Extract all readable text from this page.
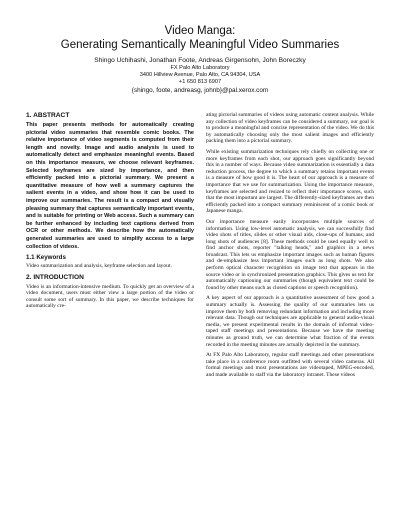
Video Manga:
Generating Semantically Meaningful Video Summaries
Shingo Uchihashi, Jonathan Foote, Andreas Girgensohn, John Boreczky
FX Palo Alto Laboratory
3400 Hillview Avenue, Palo Alto, CA 94304, USA
+1 650 813 6907
{shingo, foote, andreasg, johnb}@pal.xerox.com
1. ABSTRACT

This paper presents methods for automatically creating pictorial video summaries that resemble comic books. The relative importance of video segments is computed from their length and novelty. Image and audio analysis is used to automatically detect and emphasize meaningful events. Based on this importance measure, we choose relevant keyframes. Selected keyframes are sized by importance, and then efficiently packed into a pictorial summary. We present a quantitative measure of how well a summary captures the salient events in a video, and show how it can be used to improve our summaries. The result is a compact and visually pleasing summary that captures semantically important events, and is suitable for printing or Web access. Such a summary can be further enhanced by including text captions derived from OCR or other methods. We describe how the automatically generated summaries are used to simplify access to a large collection of videos.

1.1 Keywords

Video summarization and analysis, keyframe selection and layout.

2. INTRODUCTION

Video is an information-intensive medium. To quickly get an overview of a video document, users must either view a large portion of the video or consult some sort of summary. In this paper, we describe techniques for automatically cre-

ating pictorial summaries of videos using automatic content analysis. While any collection of video keyframes can be considered a summary, our goal is to produce a meaningful and concise representation of the video. We do this by automatically choosing only the most salient images and efficiently packing them into a pictorial summary.

While existing summarization techniques rely chiefly on collecting one or more keyframes from each shot, our approach goes significantly beyond this in a number of ways. Because video summarization is essentially a data reduction process, the degree to which a summary retains important events is a measure of how good it is. The heart of our approach is a measure of importance that we use for summarization. Using the importance measure, keyframes are selected and resized to reflect their importance scores, such that the most important are largest. The differently-sized keyframes are then efficiently packed into a compact summary reminiscent of a comic book or Japanese manga.

Our importance measure easily incorporates multiple sources of information. Using low-level automatic analysis, we can successfully find video shots of titles, slides or other visual aids, close-ups of humans, and long shots of audiences [8]. These methods could be used equally well to find anchor shots, reporter "talking heads," and graphics in a news broadcast. This lets us emphasize important images such as human figures and de-emphasize less important images such as long shots. We also perform optical character recognition on image text that appears in the source video or in synchronized presentation graphics. This gives us text for automatically captioning our summaries (though equivalent text could be found by other means such as closed captions or speech recognition).

A key aspect of our approach is a quantitative assessment of how good a summary actually is. Assessing the quality of our summaries lets us improve them by both removing redundant information and including more relevant data. Though our techniques are applicable to general audio-visual media, we present experimental results in the domain of informal video-taped staff meetings and presentations. Because we have the meeting minutes as ground truth, we can determine what fraction of the events recorded in the meeting minutes are actually depicted in the summary.

At FX Palo Alto Laboratory, regular staff meetings and other presentations take place in a conference room outfitted with several video cameras. All formal meetings and most presentations are videotaped, MPEG-encoded, and made available to staff via the laboratory intranet. These videos
